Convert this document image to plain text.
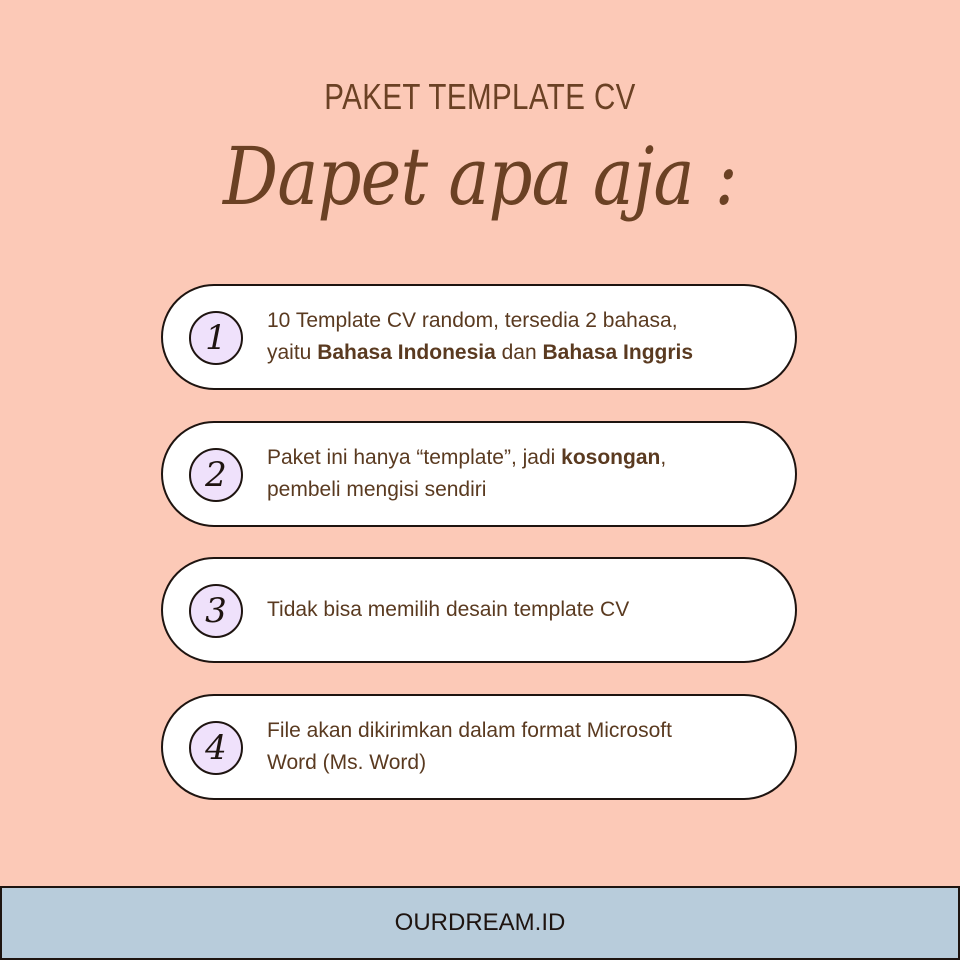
PAKET TEMPLATE CV
Dapet apa aja :
1	10 Template CV random, tersedia 2 bahasa,
yaitu Bahasa Indonesia dan Bahasa Inggris

2	Paket ini hanya “template”, jadi kosongan,
pembeli mengisi sendiri

3	Tidak bisa memilih desain template CV

4	File akan dikirimkan dalam format Microsoft
Word (Ms. Word)

OURDREAM.ID
